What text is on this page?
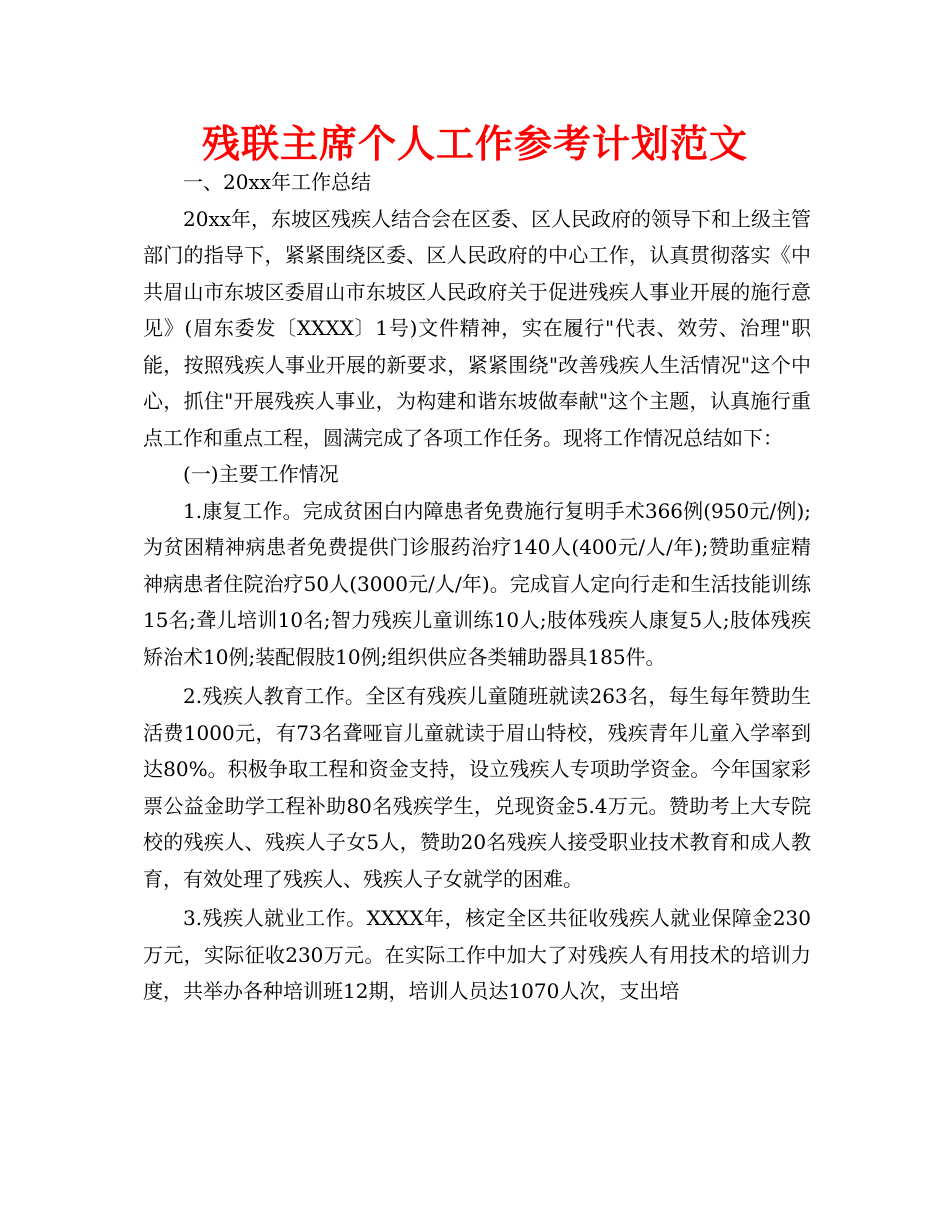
残联主席个人工作参考计划范文

一、20xx年工作总结

20xx年，东坡区残疾人结合会在区委、区人民政府的领导下和上级主管部门的指导下，紧紧围绕区委、区人民政府的中心工作，认真贯彻落实《中共眉山市东坡区委眉山市东坡区人民政府关于促进残疾人事业开展的施行意见》(眉东委发〔XXXX〕1号)文件精神，实在履行"代表、效劳、治理"职能，按照残疾人事业开展的新要求，紧紧围绕"改善残疾人生活情况"这个中心，抓住"开展残疾人事业，为构建和谐东坡做奉献"这个主题，认真施行重点工作和重点工程，圆满完成了各项工作任务。现将工作情况总结如下：

(一)主要工作情况

1.康复工作。完成贫困白内障患者免费施行复明手术366例(950元/例);为贫困精神病患者免费提供门诊服药治疗140人(400元/人/年);赞助重症精神病患者住院治疗50人(3000元/人/年)。完成盲人定向行走和生活技能训练15名;聋儿培训10名;智力残疾儿童训练10人;肢体残疾人康复5人;肢体残疾矫治术10例;装配假肢10例;组织供应各类辅助器具185件。

2.残疾人教育工作。全区有残疾儿童随班就读263名，每生每年赞助生活费1000元，有73名聋哑盲儿童就读于眉山特校，残疾青年儿童入学率到达80%。积极争取工程和资金支持，设立残疾人专项助学资金。今年国家彩票公益金助学工程补助80名残疾学生，兑现资金5.4万元。赞助考上大专院校的残疾人、残疾人子女5人，赞助20名残疾人接受职业技术教育和成人教育，有效处理了残疾人、残疾人子女就学的困难。

3.残疾人就业工作。XXXX年，核定全区共征收残疾人就业保障金230万元，实际征收230万元。在实际工作中加大了对残疾人有用技术的培训力度，共举办各种培训班12期，培训人员达1070人次，支出培
